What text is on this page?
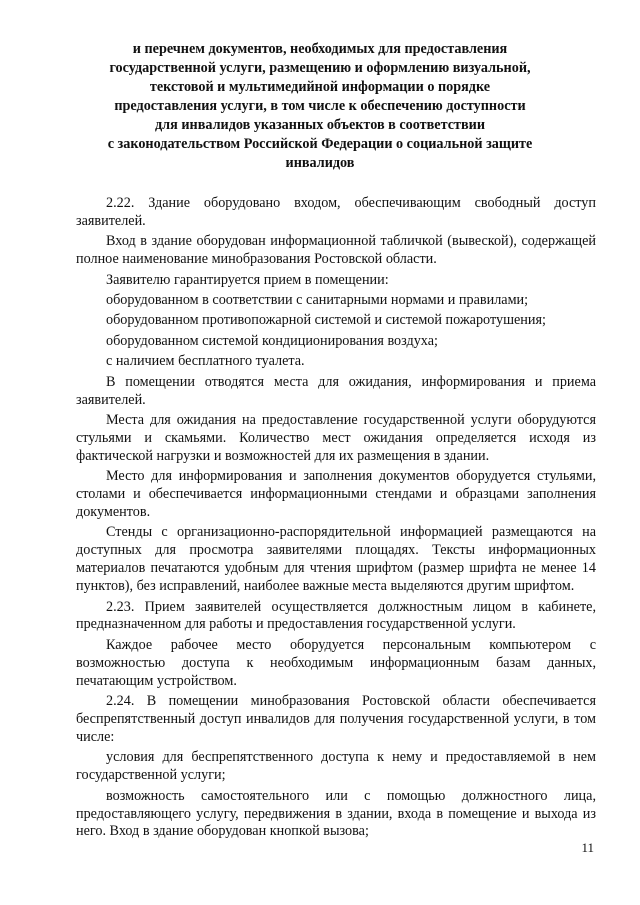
и перечнем документов, необходимых для предоставления
государственной услуги, размещению и оформлению визуальной,
текстовой и мультимедийной информации о порядке
предоставления услуги, в том числе к обеспечению доступности
для инвалидов указанных объектов в соответствии
с законодательством Российской Федерации о социальной защите
инвалидов

2.22. Здание оборудовано входом, обеспечивающим свободный доступ заявителей.

Вход в здание оборудован информационной табличкой (вывеской), содержащей полное наименование минобразования Ростовской области.

Заявителю гарантируется прием в помещении:

оборудованном в соответствии с санитарными нормами и правилами;

оборудованном противопожарной системой и системой пожаротушения;

оборудованном системой кондиционирования воздуха;

с наличием бесплатного туалета.

В помещении отводятся места для ожидания, информирования и приема заявителей.

Места для ожидания на предоставление государственной услуги оборудуются стульями и скамьями. Количество мест ожидания определяется исходя из фактической нагрузки и возможностей для их размещения в здании.

Место для информирования и заполнения документов оборудуется стульями, столами и обеспечивается информационными стендами и образцами заполнения документов.

Стенды с организационно-распорядительной информацией размещаются на доступных для просмотра заявителями площадях. Тексты информационных материалов печатаются удобным для чтения шрифтом (размер шрифта не менее 14 пунктов), без исправлений, наиболее важные места выделяются другим шрифтом.

2.23. Прием заявителей осуществляется должностным лицом в кабинете, предназначенном для работы и предоставления государственной услуги.

Каждое рабочее место оборудуется персональным компьютером с возможностью доступа к необходимым информационным базам данных, печатающим устройством.

2.24. В помещении минобразования Ростовской области обеспечивается беспрепятственный доступ инвалидов для получения государственной услуги, в том числе:

условия для беспрепятственного доступа к нему и предоставляемой в нем государственной услуги;

возможность самостоятельного или с помощью должностного лица, предоставляющего услугу, передвижения в здании, входа в помещение и выхода из него. Вход в здание оборудован кнопкой вызова;

11
